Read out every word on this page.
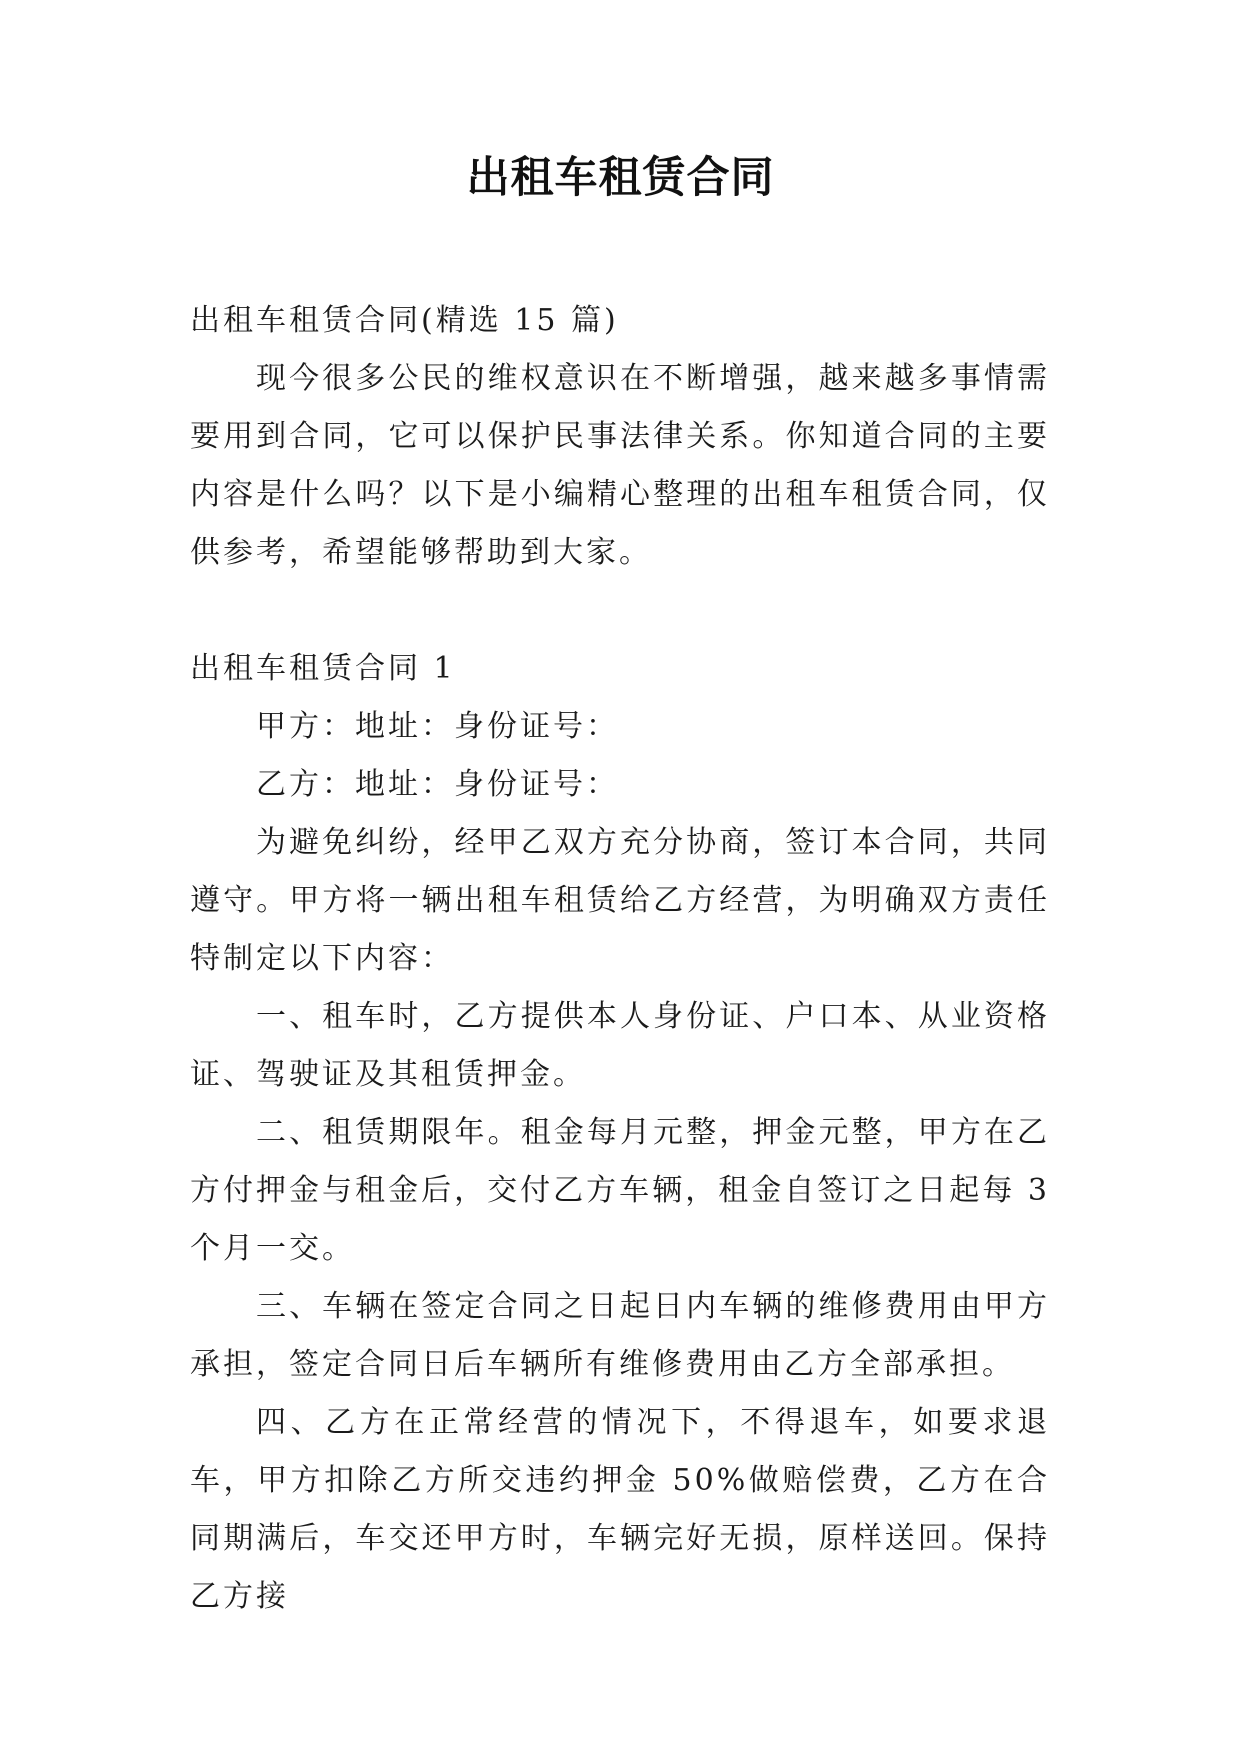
出租车租赁合同

出租车租赁合同(精选 15 篇)

现今很多公民的维权意识在不断增强，越来越多事情需要用到合同，它可以保护民事法律关系。你知道合同的主要内容是什么吗？以下是小编精心整理的出租车租赁合同，仅供参考，希望能够帮助到大家。

出租车租赁合同 1

甲方：地址：身份证号：

乙方：地址：身份证号：

为避免纠纷，经甲乙双方充分协商，签订本合同，共同遵守。甲方将一辆出租车租赁给乙方经营，为明确双方责任特制定以下内容：

一、租车时，乙方提供本人身份证、户口本、从业资格证、驾驶证及其租赁押金。

二、租赁期限年。租金每月元整，押金元整，甲方在乙方付押金与租金后，交付乙方车辆，租金自签订之日起每 3 个月一交。

三、车辆在签定合同之日起日内车辆的维修费用由甲方承担，签定合同日后车辆所有维修费用由乙方全部承担。

四、乙方在正常经营的情况下，不得退车，如要求退车，甲方扣除乙方所交违约押金 50%做赔偿费，乙方在合同期满后，车交还甲方时，车辆完好无损，原样送回。保持乙方接
